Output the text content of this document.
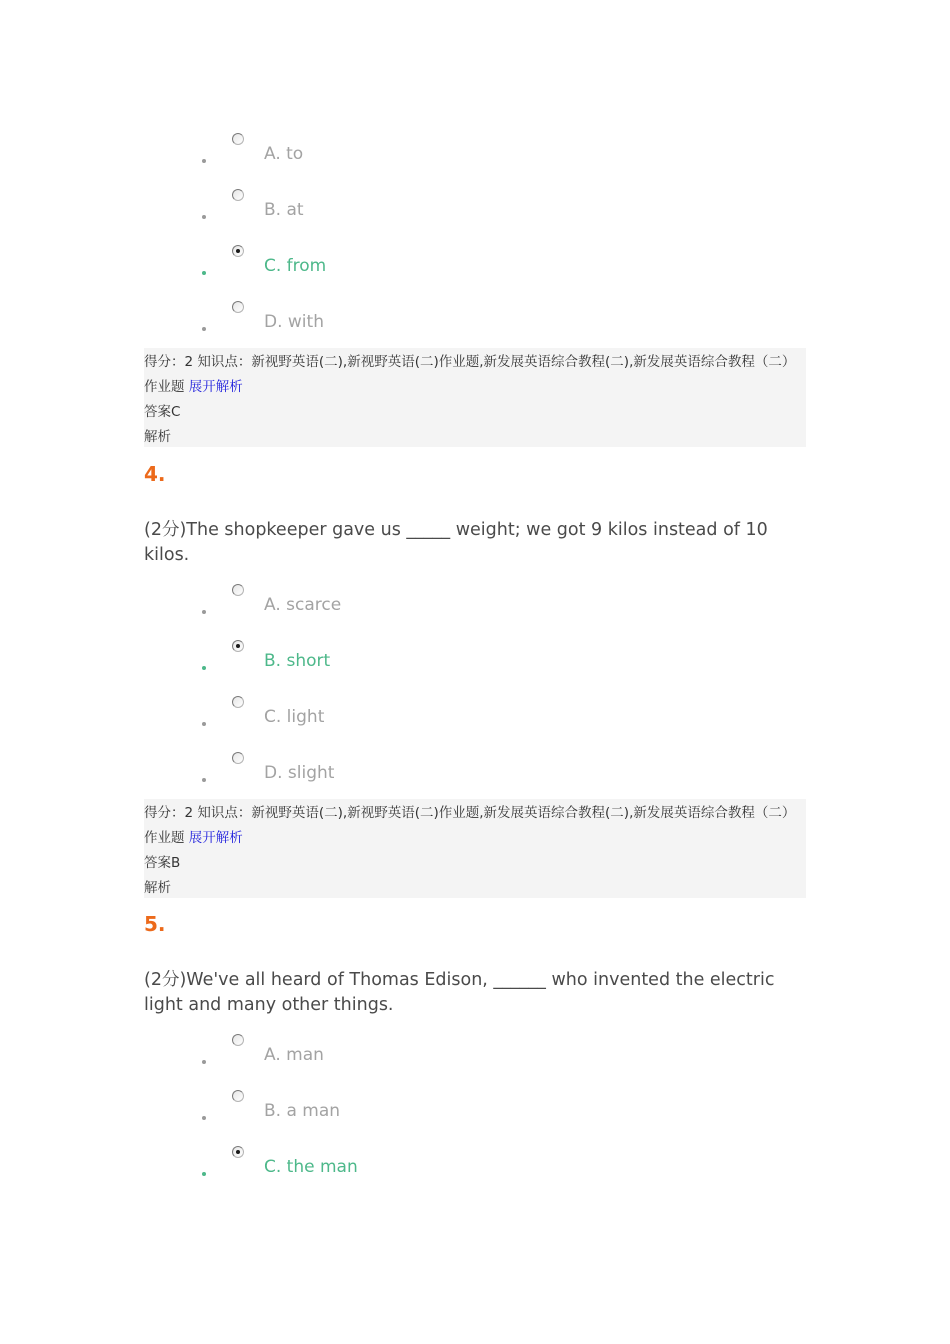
A. to
B. at
C. from
D. with
得分：2 知识点：新视野英语(二),新视野英语(二)作业题,新发展英语综合教程(二),新发展英语综合教程（二）作业题 展开解析
答案C
解析
4.
(2分)The shopkeeper gave us _____ weight; we got 9 kilos instead of 10 kilos.
A. scarce
B. short
C. light
D. slight
得分：2 知识点：新视野英语(二),新视野英语(二)作业题,新发展英语综合教程(二),新发展英语综合教程（二）作业题 展开解析
答案B
解析
5.
(2分)We've all heard of Thomas Edison, ______ who invented the electric light and many other things.
A. man
B. a man
C. the man
